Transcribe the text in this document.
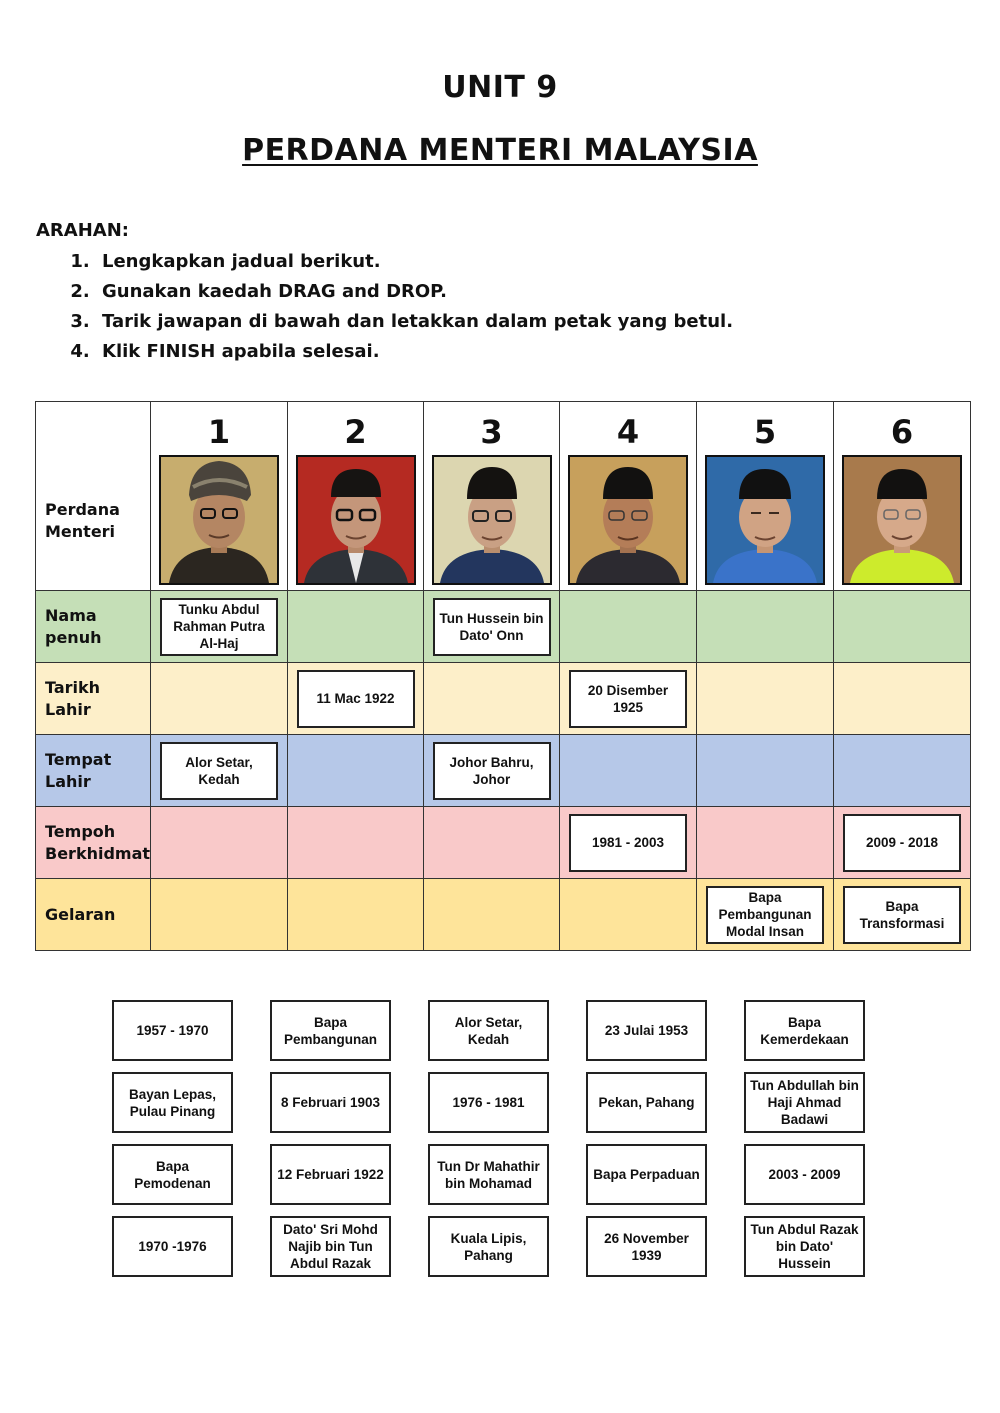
UNIT 9
PERDANA MENTERI MALAYSIA
ARAHAN:
1. Lengkapkan jadual berikut.
2. Gunakan kaedah DRAG and DROP.
3. Tarik jawapan di bawah dan letakkan dalam petak yang betul.
4. Klik FINISH apabila selesai.
Perdana Menteri	1	2	3	4	5	6

Nama penuh	Tunku Abdul Rahman Putra Al-Haj		Tun Hussein bin Dato' Onn			

Tarikh Lahir		11 Mac 1922		20 Disember 1925		

Tempat Lahir	Alor Setar, Kedah		Johor Bahru, Johor			

Tempoh Berkhidmat				1981 - 2003		2009 - 2018

Gelaran					Bapa Pembangunan Modal Insan	Bapa Transformasi
1957 - 1970
Bapa Pembangunan
Alor Setar, Kedah
23 Julai 1953
Bapa Kemerdekaan
Bayan Lepas, Pulau Pinang
8 Februari 1903	1976 - 1981	Pekan, Pahang
Tun Abdullah bin Haji Ahmad Badawi
Bapa Pemodenan
12 Februari 1922
Tun Dr Mahathir bin Mohamad
Bapa Perpaduan	2003 - 2009
1970 -1976
Dato' Sri Mohd Najib bin Tun Abdul Razak
Kuala Lipis, Pahang
26 November 1939
Tun Abdul Razak bin Dato' Hussein
